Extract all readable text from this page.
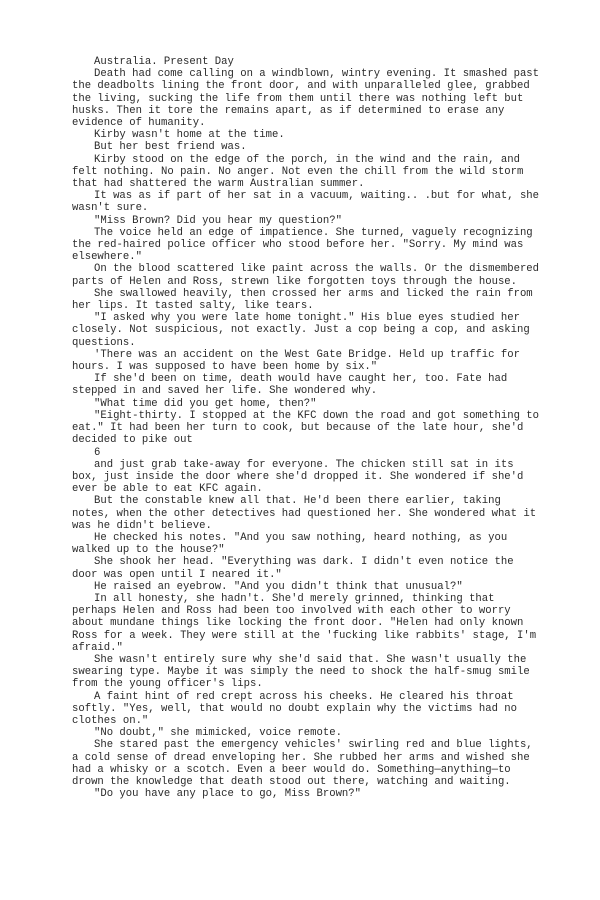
Australia. Present Day

Death had come calling on a windblown, wintry evening. It smashed past the deadbolts lining the front door, and with unparalleled glee, grabbed the living, sucking the life from them until there was nothing left but husks. Then it tore the remains apart, as if determined to erase any evidence of humanity.

Kirby wasn't home at the time.

But her best friend was.

Kirby stood on the edge of the porch, in the wind and the rain, and felt nothing. No pain. No anger. Not even the chill from the wild storm that had shattered the warm Australian summer.

It was as if part of her sat in a vacuum, waiting.. .but for what, she wasn't sure.

"Miss Brown? Did you hear my question?"

The voice held an edge of impatience. She turned, vaguely recognizing the red-haired police officer who stood before her. "Sorry. My mind was elsewhere."

On the blood scattered like paint across the walls. Or the dismembered parts of Helen and Ross, strewn like forgotten toys through the house.

She swallowed heavily, then crossed her arms and licked the rain from her lips. It tasted salty, like tears.

"I asked why you were late home tonight." His blue eyes studied her closely. Not suspicious, not exactly. Just a cop being a cop, and asking questions.

'There was an accident on the West Gate Bridge. Held up traffic for hours. I was supposed to have been home by six."

If she'd been on time, death would have caught her, too. Fate had stepped in and saved her life. She wondered why.

"What time did you get home, then?"

"Eight-thirty. I stopped at the KFC down the road and got something to eat." It had been her turn to cook, but because of the late hour, she'd decided to pike out

6

and just grab take-away for everyone. The chicken still sat in its box, just inside the door where she'd dropped it. She wondered if she'd ever be able to eat KFC again.

But the constable knew all that. He'd been there earlier, taking notes, when the other detectives had questioned her. She wondered what it was he didn't believe.

He checked his notes. "And you saw nothing, heard nothing, as you walked up to the house?"

She shook her head. "Everything was dark. I didn't even notice the door was open until I neared it."

He raised an eyebrow. "And you didn't think that unusual?"

In all honesty, she hadn't. She'd merely grinned, thinking that perhaps Helen and Ross had been too involved with each other to worry about mundane things like locking the front door. "Helen had only known Ross for a week. They were still at the 'fucking like rabbits' stage, I'm afraid."

She wasn't entirely sure why she'd said that. She wasn't usually the swearing type. Maybe it was simply the need to shock the half-smug smile from the young officer's lips.

A faint hint of red crept across his cheeks. He cleared his throat softly. "Yes, well, that would no doubt explain why the victims had no clothes on."

"No doubt," she mimicked, voice remote.

She stared past the emergency vehicles' swirling red and blue lights, a cold sense of dread enveloping her. She rubbed her arms and wished she had a whisky or a scotch. Even a beer would do. Something—anything—to drown the knowledge that death stood out there, watching and waiting.

"Do you have any place to go, Miss Brown?"
